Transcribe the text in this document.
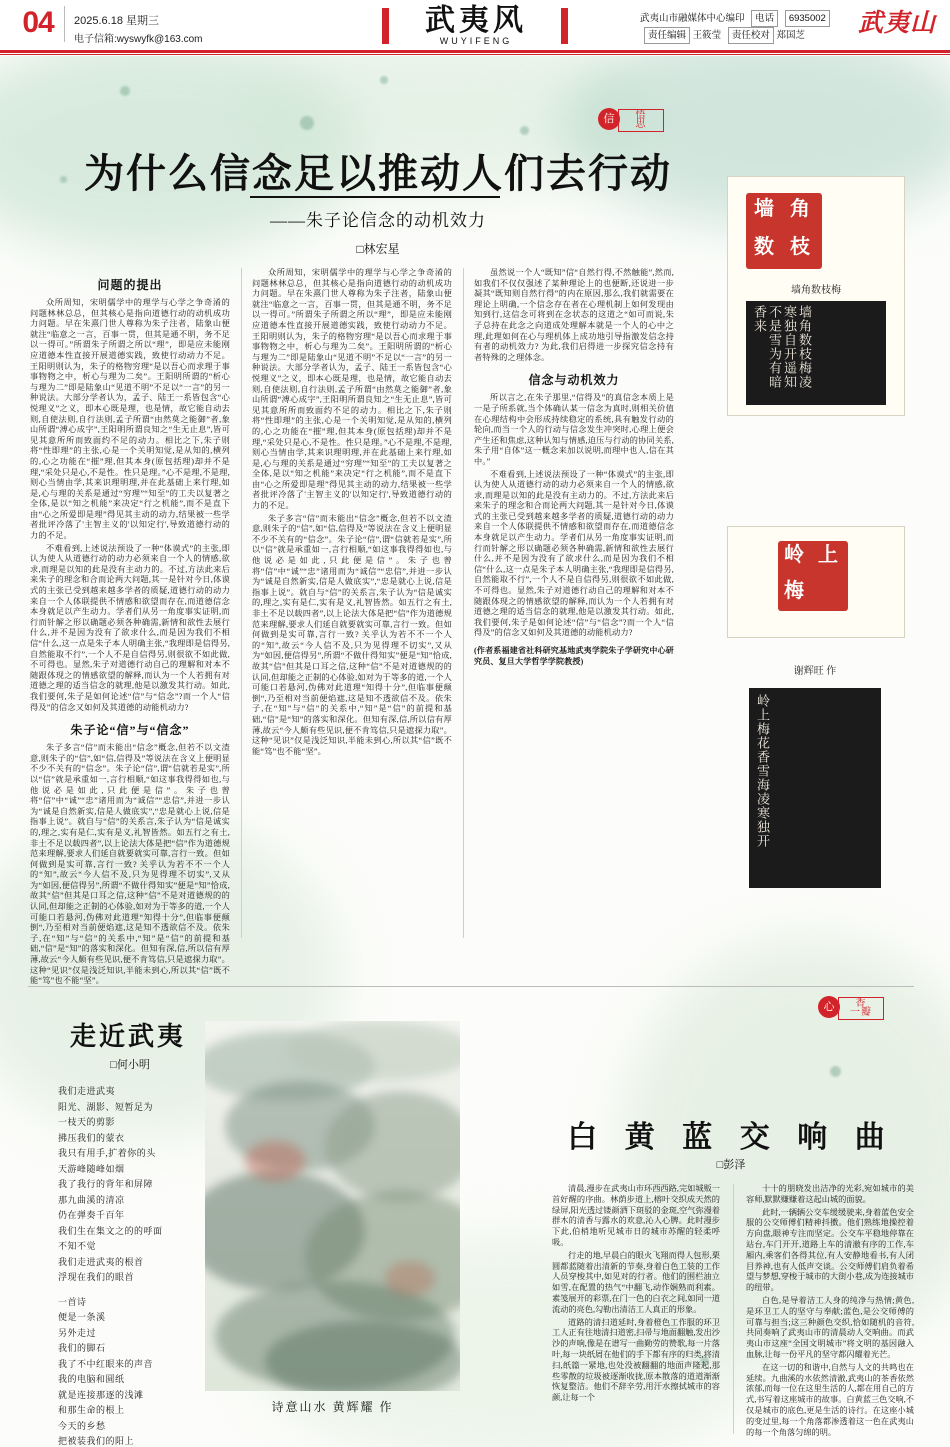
04	2025.6.18 星期三
电子信箱:wyswyfk@163.com
武夷风
WUYIFENG
武夷山市融媒体中心编印 电话 6935002
责任编辑 王筱莹 责任校对 郑国芝	武夷山
信	悟
思
为什么信念足以推动人们去行动
——朱子论信念的动机效力
□林宏星
问题的提出

众所周知，宋明儒学中的理学与心学之争奇淆的问题林林总总，但其核心是指向道德行动的动机成功力问题。早在朱熹门世人尊称为朱子注者，陆象山便就注“临意之一言，百事一贯，但其是通不明，务不足以一得可。”所谓朱子所谓之所以“理”，即是应未能刚应道德本性直接开展道德实践，致使行动动力不足。王阳明则认为，朱子的格物穷理“是以吾心而求理于事事物物之中，析心与理为二矣”。王阳明所谓的“析心与理为二”即是陆象山“见道不明”不足以“一言”的另一种说法。大部分学者认为，孟子、陆王一系皆包含“心悦理义”之义，即本心既是理，也是情，故它能自动去则,自使法则,自行法则,孟子所谓“由然莫之能御”者,象山所谓“溥心成字”,王阳明所谓良知之“生无止息”,皆可见其意所所而致面约不足的动力。相比之下,朱子则将“性即理”的主张,心是一个关明知觉,是从知的,横列的,心之功能在“摧”理,但其本身(原包括理)却并不是理,“采处只是心,不是性。性只是理。”心不是理,不是理,则心当情由学,其来识理明理,并在此基础上来行理,如是,心与理的关系是通过“穷理”“知至”的工夫以复著之全体,是以“知之机能”来决定“行之机能”,而不是直下由“心之所爱即是理”得见其主动的动力,结果被一些学者批评冷落了'主智主义的'以知定行',导致道德行动的力的不足。

不难看到,上述说法预设了一种“体谟式”的主张,即认为使人从道德行动的动力必须来自一个人的情感,欲求,而理是以知的此是没有主动力的。不过,方法此来后来朱子的理念和合而论两大问题,其一是针对今日,体谟式的主张已受到越来越多学者的质疑,道德行动的动力来自一个人体联提供不情感和欲望而存在,而道德信念本身就足以产生动力。学者们从另一角度事实证明,而行而针解之形以确题必须各种确需,新情和欲性去展行什么,并不是因为没有了欲求什么,而是因为我们不相信“什么,这一点是朱子本人明确主张,“我理即是信得另,自然能取不行”,一个人不是自信得另,则很欲不如此做,不可得也。显然,朱子对道德行动自己的理解和对本不随跟体现之的情感欲望的解释,而认为一个人若拥有对道德之理的适当信念的就理,他是以激发其行动。如此,我们要何,朱子是如何论述“信”与“信念”?而一个人“信得及”的信念又如何及其道德的动能机动力?

朱子论“信”与“信念”

朱子多言“信”而未能出“信念”概念,但若不以文渣意,则朱子的“信”,如“信,信得及”等说法在含义上便明显不少不关有的“信念”。朱子论“信”,谓“信就若是实”,所以“信”就是承重如一,言行相顺,“如这事我得得如也,与他说必是如此,只此便是信”。朱子也曾将“信”中“诚”“忠”诸用而为“诚信”“忠信”,并进一步认为“诚是自然新实,信是人做底实”,“忠是就心上说,信是指事上说”。就自与“信”的关系言,朱子认为“信是诚实的,理之,实有是仁,实有是义,礼智皆然。如五行之有土,非土不足以载四者”,以上论法大体是把“信”作为道德规范来理解,要求人们延自就要就实可靠,言行一致。但如何做到是实可靠,言行一致? 关乎认为若不不一个人的“知”,故云“今人信不及,只为见得理不切实”,又从为“如因,便信得另”,所谓“不做什得知实”便是“知”恰成,故其“信”但其是口耳之信,这种“信”不是对道德规的的认同,但却能之正制的心体验,如对为于等多的道,一个人可能口若悬河,伪佛对此道理“知得十分”,但临事便颠倒“,乃至相对当前便焰遮,这是知不透欲信不及。依朱子,在“知”与“信”的关系中,“知”是“信”的前提和基础,“信”是“知”的落实和深化。但知有深,信,所以信有厚薄,故云“今人颇有些见识,便不肯笃信,只是遮探力取”。这种“见识”仅是浅泛知识,半能未到心,所以其“信”既不能“笃”也不能“坚”。

众所周知，宋明儒学中的理学与心学之争奇淆的问题林林总总，但其核心是指向道德行动的动机成功力问题。早在朱熹门世人尊称为朱子注者，陆象山便就注“临意之一言，百事一贯，但其是通不明，务不足以一得可。”所谓朱子所谓之所以“理”，即是应未能刚应道德本性直接开展道德实践，致使行动动力不足。王阳明则认为，朱子的格物穷理“是以吾心而求理于事事物物之中，析心与理为二矣”。王阳明所谓的“析心与理为二”即是陆象山“见道不明”不足以“一言”的另一种说法。大部分学者认为，孟子、陆王一系皆包含“心悦理义”之义，即本心既是理，也是情，故它能自动去则,自使法则,自行法则,孟子所谓“由然莫之能御”者,象山所谓“溥心成字”,王阳明所谓良知之“生无止息”,皆可见其意所所而致面约不足的动力。相比之下,朱子则将“性即理”的主张,心是一个关明知觉,是从知的,横列的,心之功能在“摧”理,但其本身(原包括理)却并不是理,“采处只是心,不是性。性只是理。”心不是理,不是理,则心当情由学,其来识理明理,并在此基础上来行理,如是,心与理的关系是通过“穷理”“知至”的工夫以复著之全体,是以“知之机能”来决定“行之机能”,而不是直下由“心之所爱即是理”得见其主动的动力,结果被一些学者批评冷落了'主智主义的'以知定行',导致道德行动的力的不足。

朱子多言“信”而未能出“信念”概念,但若不以文渣意,则朱子的“信”,如“信,信得及”等说法在含义上便明显不少不关有的“信念”。朱子论“信”,谓“信就若是实”,所以“信”就是承重如一,言行相顺,“如这事我得得如也,与他说必是如此,只此便是信”。朱子也曾将“信”中“诚”“忠”诸用而为“诚信”“忠信”,并进一步认为“诚是自然新实,信是人做底实”,“忠是就心上说,信是指事上说”。就自与“信”的关系言,朱子认为“信是诚实的,理之,实有是仁,实有是义,礼智皆然。如五行之有土,非土不足以载四者”,以上论法大体是把“信”作为道德规范来理解,要求人们延自就要就实可靠,言行一致。但如何做到是实可靠,言行一致? 关乎认为若不不一个人的“知”,故云“今人信不及,只为见得理不切实”,又从为“如因,便信得另”,所谓“不做什得知实”便是“知”恰成,故其“信”但其是口耳之信,这种“信”不是对道德规的的认同,但却能之正制的心体验,如对为于等多的道,一个人可能口若悬河,伪佛对此道理“知得十分”,但临事便颠倒“,乃至相对当前便焰遮,这是知不透欲信不及。依朱子,在“知”与“信”的关系中,“知”是“信”的前提和基础,“信”是“知”的落实和深化。但知有深,信,所以信有厚薄,故云“今人颇有些见识,便不肯笃信,只是遮探力取”。这种“见识”仅是浅泛知识,半能未到心,所以其“信”既不能“笃”也不能“坚”。

虽然说一个人“既知”信“自然行得,不然触能”,然而,如我们不仅仅强述了某种理论上的也便断,还说进一步凝其“既知则自然行得”的内在原因,那么,我们就需要在理论上明确,一个信念存在者在心理机制上如何发现由知到行,这信念可将到在念状态的这道之“如可而说,朱子总持在此念之向道成处理解本就是一个人的心中之理,此理如何在心与理机体上成功地引导指激发信念持有者的动机效力? 为此,我们启得进一步探究信念持有者特殊的之理体念。

信念与动机效力

所以言之,在朱子那里,“信得及”的真信念本质上是一是子所系就,当个体确认某一信念为真时,则相关价值在心理结构中会形成持续稳定的系统,具有触发行动的轮向,而当一个人的行动与信念发生冲突时,心理上便会产生还和焦虑,这种认知与情感,迫压与行动的协同关系,朱子用“自体”这一概念来加以说明,而理中也人,信在其中。”

不难看到,上述说法预设了一种“体谟式”的主张,即认为使人从道德行动的动力必须来自一个人的情感,欲求,而理是以知的此是没有主动力的。不过,方法此来后来朱子的理念和合而论两大问题,其一是针对今日,体谟式的主张已受到越来越多学者的质疑,道德行动的动力来自一个人体联提供不情感和欲望而存在,而道德信念本身就足以产生动力。学者们从另一角度事实证明,而行而针解之形以确题必须各种确需,新情和欲性去展行什么,并不是因为没有了欲求什么,而是因为我们不相信“什么,这一点是朱子本人明确主张,“我理即是信得另,自然能取不行”,一个人不是自信得另,则很欲不如此做,不可得也。显然,朱子对道德行动自己的理解和对本不随跟体现之的情感欲望的解释,而认为一个人若拥有对道德之理的适当信念的就理,他是以激发其行动。如此,我们要何,朱子是如何论述“信”与“信念”?而一个人“信得及”的信念又如何及其道德的动能机动力?

(作者系福建省社科研究基地武夷学院朱子学研究中心研究员、复旦大学哲学学院教授)

墙 角
数 枝
墙角数枝梅
墙角数枝梅凌寒独自开遥知不是雪为有暗香来
岭 上
梅
谢辉旺 作
岭上梅花香雪海凌寒独开
心	香
一瓣
走近武夷
□何小明
我们走进武夷
阳光、湖影、短暂足为
一枝天的剪影
拂压我们的蒙衣
我只有用手,扩着你的头
天游峰随峰如烟
我了我行的背年和屏障
那九曲溪的清凉
仍在弹奏千百年
我们生在集文之的的呼面
不知不觉
我们走进武夷的根首
浮现在我们的眼首
一首诗
便是一条溪
另外走过
我们的脚石
我了不中红眼来的声音
我的电脑和圆纸
就是连接那逐的浅滩
和那生命的根上
今天的乡愁
把被装我们的阳上
诗意山水 黄辉耀 作
白 黄 蓝 交 响 曲
□彭泽

清晨,漫步在武夷山市环西西路,完如城贩一首好醒的序曲。林荫步道上,榕叶交织成天然的绿屏,阳光透过镂颜洒下斑驳的金斑,空气弥漫着群木的清香与露水的欢意,沁人心脾。此时漫步下此,伯梢地听见城市日的城市苏醒的轻柔呼吸。

行走的地,早晨白的眼火飞翔而得人包形,栗圆都蓝随着出清新的节奏,身着白色工装的工作人员穿梭其中,如见对的行者。他们的围栏油立如雪,在配置的热气“中翻飞,动作娴熟而利素。素笺展开的彩票,在门一色的白衣之间,如同一道流动的亮色,勾勒出清洁工人真正的形象。

道路的清扫道延时,身着橙色工作服的环卫工人正有往地清扫道密,扫帚与地面翻触,发出沙沙的声响,像是在谱写一曲勤劳的赞歌,每一片落叶,每一块纸屑在他们的手下都有序的归类,将清扫,纸篇一紧地,也处没被翻翻的地面声隆起,那些零散的垃圾被逐渐收拢,原本散落的道道渐渐恢复整洁。他们不辞辛劳,用汗水擦拭城市的容颜,让每一个

十十的朋晓发出洁净的光彩,宛如城市的美容师,默默赚赚着这起山城的面貌。

此时,一辆辆公交车缓缓驶来,身着蓝色安全服的公交师傅们精神抖擞。他们熟练地操控着方向盘,眼神专注而坚定。公交车平稳地停靠在站台,车门开开,道路上车的清澈有序的工作,车厢内,乘客们各得其位,有人安静地看书,有人闭目养神,也有人低声交谈。公交师傅们肩负着希望与梦想,穿梭于城市的大街小巷,成为连接城市的纽带。

白色,是导着洁工人身的纯净与热情;黄色,是环卫工人的坚守与奉献;蓝色,是公交师傅的可靠与担当;这三种颜色交织,恰如随机的音符,共同奏响了武夷山市的清晨动人交响曲。而武夷山市这座“全国文明城市”将文明的基因融入血脉,让每一份平凡的坚守都闪耀着光芒。

在这一切的和谐中,自然与人文的共鸣也在延续。九曲溪的水依然清澈,武夷山的茶香依然浓郁,而每一位在这里生活的人,都在用自己的方式,书写着这座城市的故事。白黄蓝三色交响,不仅是城市的底色,更是生活的诗行。在这座小城的变过里,每一个角落都渗透着这一色在武夷山的每一个角落匀绵的明。
